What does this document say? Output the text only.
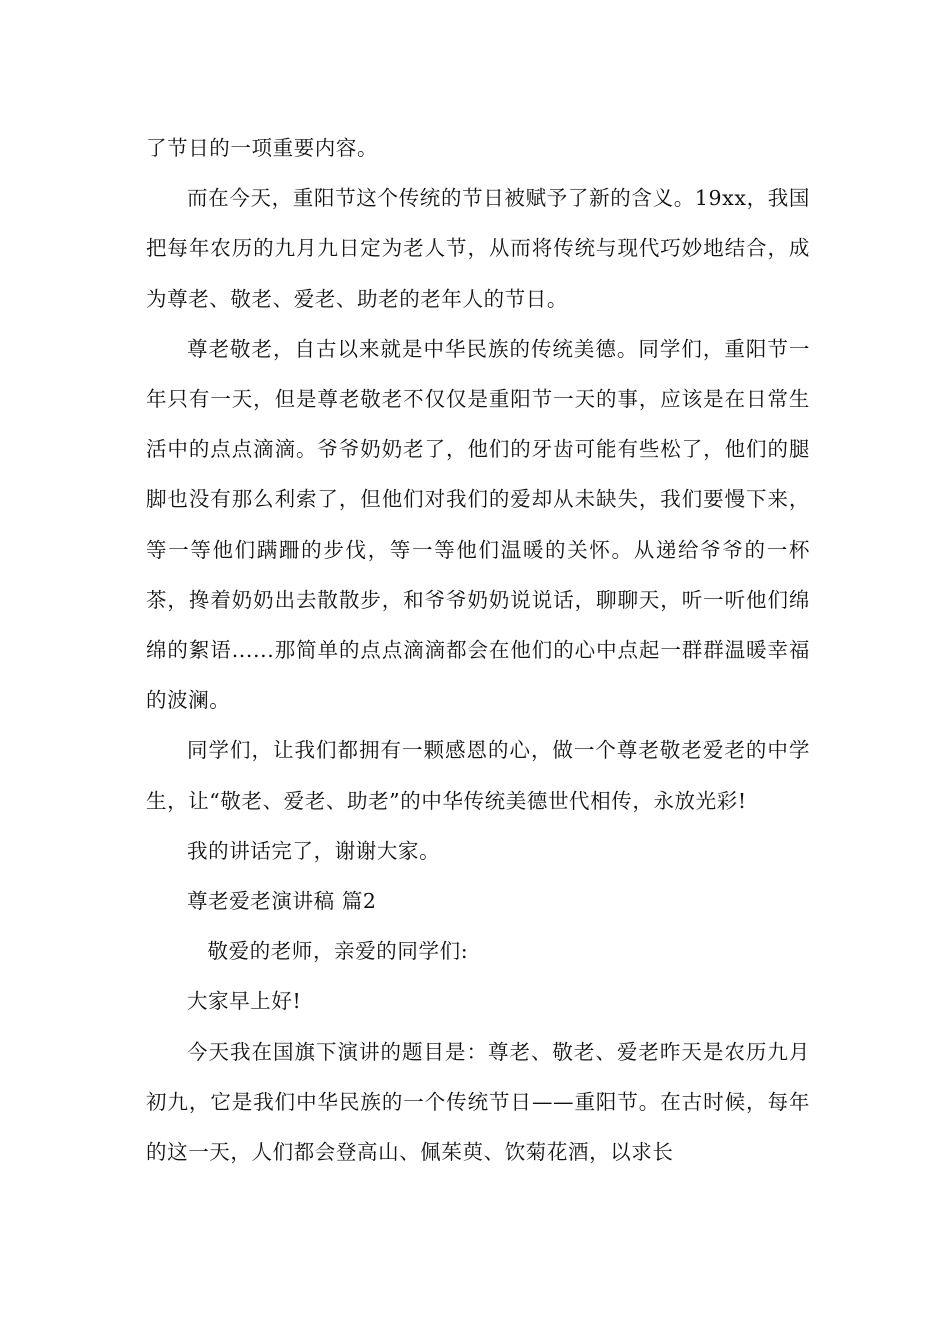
了节日的一项重要内容。

而在今天，重阳节这个传统的节日被赋予了新的含义。19xx，我国把每年农历的九月九日定为老人节，从而将传统与现代巧妙地结合，成为尊老、敬老、爱老、助老的老年人的节日。

尊老敬老，自古以来就是中华民族的传统美德。同学们，重阳节一年只有一天，但是尊老敬老不仅仅是重阳节一天的事，应该是在日常生活中的点点滴滴。爷爷奶奶老了，他们的牙齿可能有些松了，他们的腿脚也没有那么利索了，但他们对我们的爱却从未缺失，我们要慢下来，等一等他们蹒跚的步伐，等一等他们温暖的关怀。从递给爷爷的一杯茶，搀着奶奶出去散散步，和爷爷奶奶说说话，聊聊天，听一听他们绵绵的絮语......那简单的点点滴滴都会在他们的心中点起一群群温暖幸福的波澜。

同学们，让我们都拥有一颗感恩的心，做一个尊老敬老爱老的中学生，让“敬老、爱老、助老”的中华传统美德世代相传，永放光彩!

我的讲话完了，谢谢大家。

尊老爱老演讲稿 篇2

敬爱的老师，亲爱的同学们:

大家早上好!

今天我在国旗下演讲的题目是：尊老、敬老、爱老昨天是农历九月初九，它是我们中华民族的一个传统节日——重阳节。在古时候，每年的这一天，人们都会登高山、佩茱萸、饮菊花酒，以求长
